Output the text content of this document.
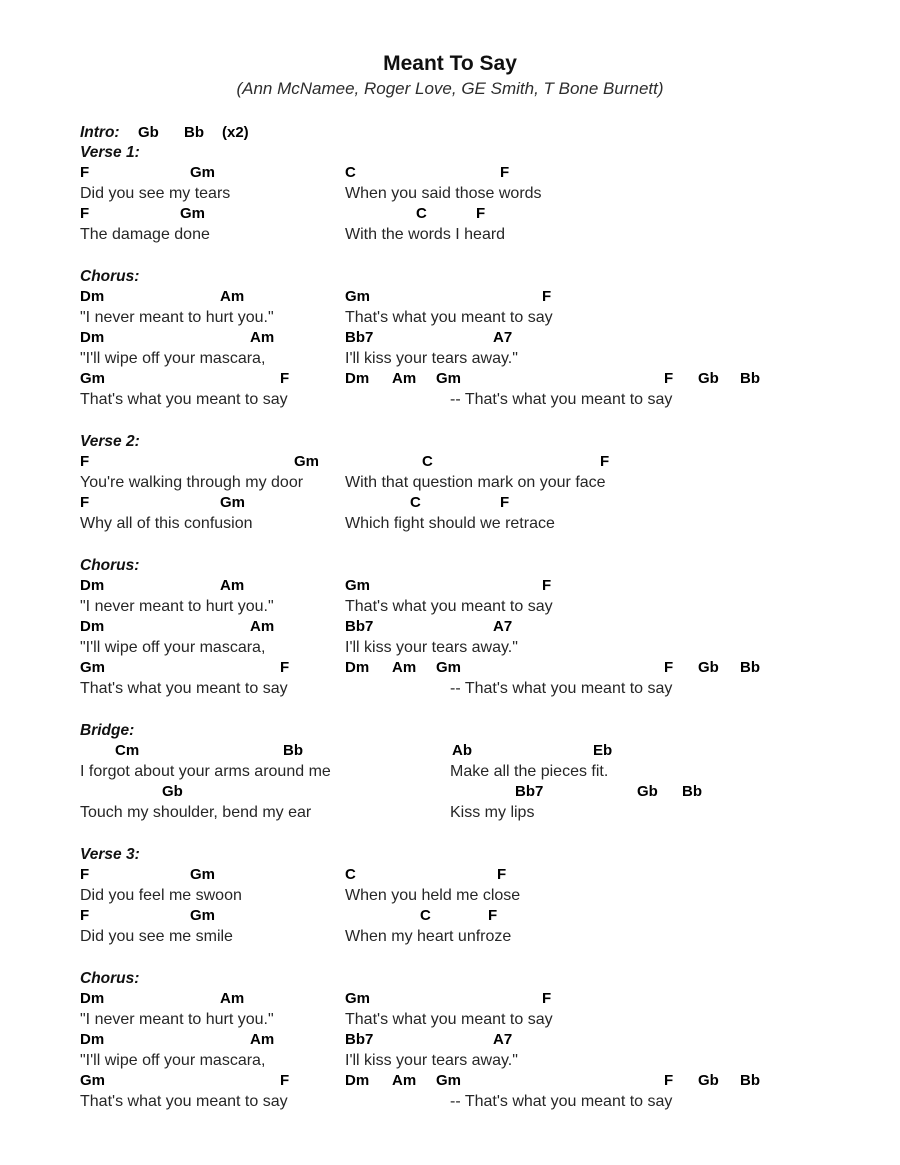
Meant To Say
(Ann McNamee, Roger Love, GE Smith, T Bone Burnett)
Intro: Gb Bb (x2)
Verse 1:
F	Gm	C	F
Did you see my tears	When you said those words
F	Gm	C	F
The damage done	With the words I heard
Chorus:
Dm	Am	Gm	F
"I never meant to hurt you."	That's what you meant to say
Dm	Am	Bb7	A7
"I'll wipe off your mascara,	I'll kiss your tears away."
Gm	F	Dm Am Gm	F Gb Bb
That's what you meant to say	-- That's what you meant to say
Verse 2:
F	Gm	C	F
You're walking through my door	With that question mark on your face
F	Gm	C	F
Why all of this confusion	Which fight should we retrace
Chorus:
Dm	Am	Gm	F
"I never meant to hurt you."	That's what you meant to say
Dm	Am	Bb7	A7
"I'll wipe off your mascara,	I'll kiss your tears away."
Gm	F	Dm Am Gm	F Gb Bb
That's what you meant to say	-- That's what you meant to say
Bridge:
Cm	Bb	Ab	Eb
I forgot about your arms around me	Make all the pieces fit.
Gb	Bb7	Gb Bb
Touch my shoulder, bend my ear	Kiss my lips
Verse 3:
F	Gm	C	F
Did you feel me swoon	When you held me close
F	Gm	C	F
Did you see me smile	When my heart unfroze
Chorus:
Dm	Am	Gm	F
"I never meant to hurt you."	That's what you meant to say
Dm	Am	Bb7	A7
"I'll wipe off your mascara,	I'll kiss your tears away."
Gm	F	Dm Am Gm	F Gb Bb
That's what you meant to say	-- That's what you meant to say
